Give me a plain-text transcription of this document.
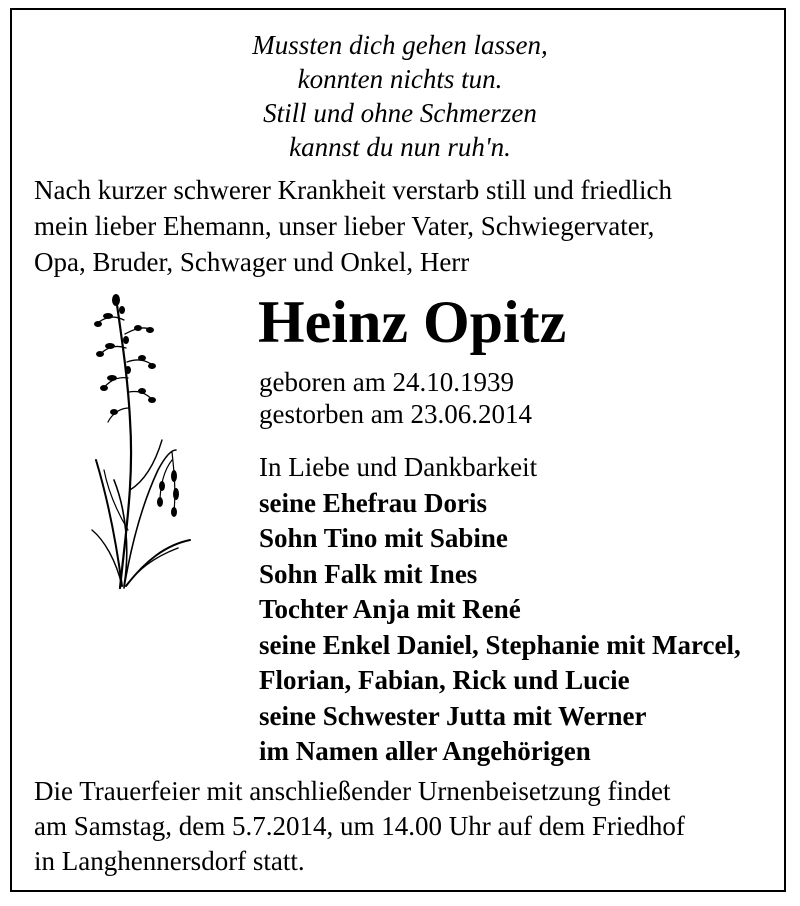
Mussten dich gehen lassen,
konnten nichts tun.
Still und ohne Schmerzen
kannst du nun ruh'n.
Nach kurzer schwerer Krankheit verstarb still und friedlich
mein lieber Ehemann, unser lieber Vater, Schwiegervater,
Opa, Bruder, Schwager und Onkel, Herr
Heinz Opitz
geboren am 24.10.1939
gestorben am 23.06.2014
In Liebe und Dankbarkeit
seine Ehefrau Doris
Sohn Tino mit Sabine
Sohn Falk mit Ines
Tochter Anja mit René
seine Enkel Daniel, Stephanie mit Marcel,
Florian, Fabian, Rick und Lucie
seine Schwester Jutta mit Werner
im Namen aller Angehörigen
Die Trauerfeier mit anschließender Urnenbeisetzung findet
am Samstag, dem 5.7.2014, um 14.00 Uhr auf dem Friedhof
in Langhennersdorf statt.
